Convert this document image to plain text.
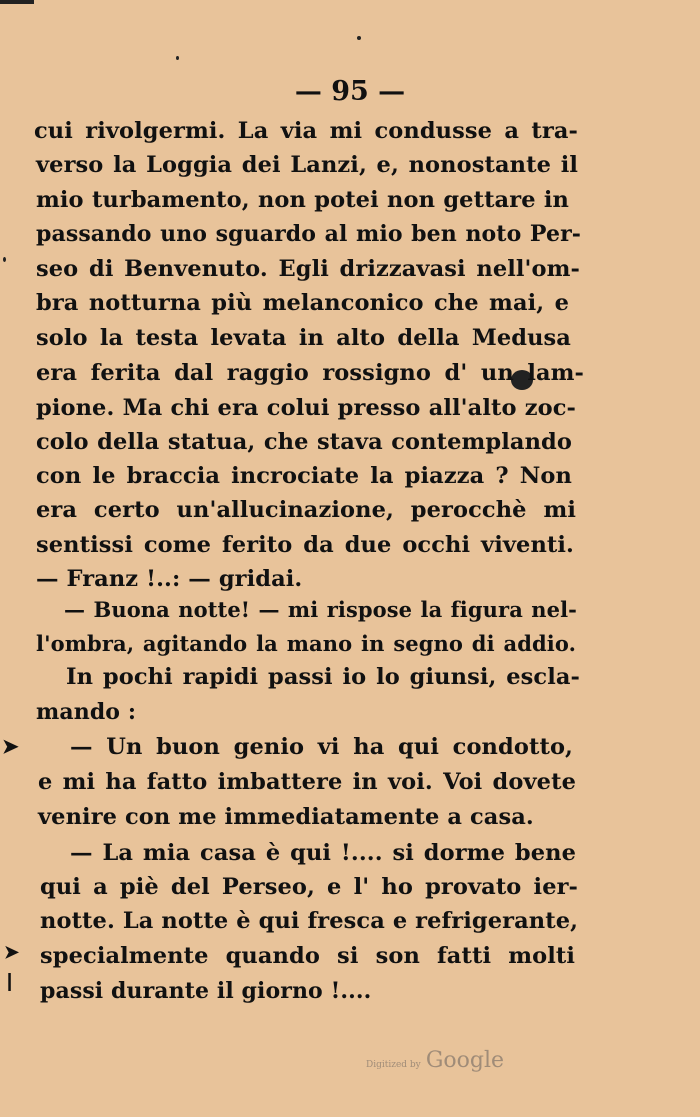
— 95 —
cui rivolgermi. La via mi condusse a tra-
verso la Loggia dei Lanzi, e, nonostante il
mio turbamento, non potei non gettare in
passando uno sguardo al mio ben noto Per-
seo di Benvenuto. Egli drizzavasi nell'om-
bra notturna più melanconico che mai, e
solo la testa levata in alto della Medusa
era ferita dal raggio rossigno d' un lam-
pione. Ma chi era colui presso all'alto zoc-
colo della statua, che stava contemplando
con le braccia incrociate la piazza ? Non
era certo un'allucinazione, perocchè mi
sentissi come ferito da due occhi viventi.
— Franz !..: — gridai.
— Buona notte! — mi rispose la figura nel-
l'ombra, agitando la mano in segno di addio.
In pochi rapidi passi io lo giunsi, escla-
mando :
— Un buon genio vi ha qui condotto,
e mi ha fatto imbattere in voi. Voi dovete
venire con me immediatamente a casa.
— La mia casa è qui !.... si dorme bene
qui a piè del Perseo, e l' ho provato ier-
notte. La notte è qui fresca e refrigerante,
specialmente quando si son fatti molti
passi durante il giorno !....
➤
➤
ǀ
Digitized by Google
